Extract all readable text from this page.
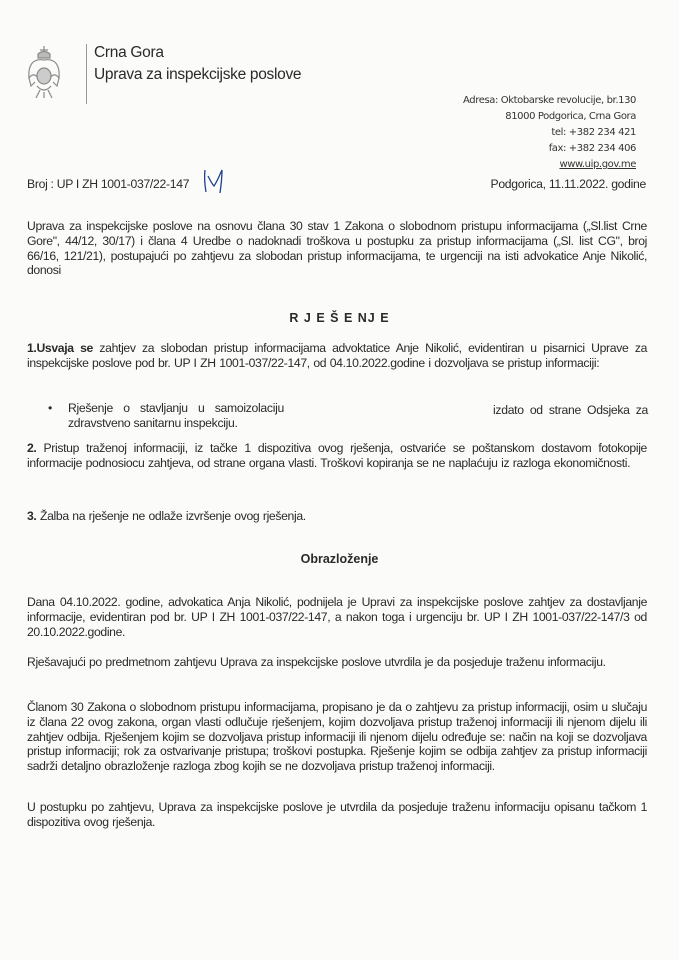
Crna Gora
Uprava za inspekcijske poslove
Adresa: Oktobarske revolucije, br.130
81000 Podgorica, Crna Gora
tel: +382 234 421
fax: +382 234 406
www.uip.gov.me
Broj : UP I ZH 1001-037/22-147	Podgorica, 11.11.2022. godine
Uprava za inspekcijske poslove na osnovu člana 30 stav 1 Zakona o slobodnom pristupu informacijama („Sl.list Crne Gore", 44/12, 30/17) i člana 4 Uredbe o nadoknadi troškova u postupku za pristup informacijama („Sl. list CG", broj 66/16, 121/21), postupajući po zahtjevu za slobodan pristup informacijama, te urgenciji na isti advokatice Anje Nikolić, donosi
R J E Š E NJ E
1.Usvaja se zahtjev za slobodan pristup informacijama advoktatice Anje Nikolić, evidentiran u pisarnici Uprave za inspekcijske poslove pod br. UP I ZH 1001-037/22-147, od 04.10.2022.godine i dozvoljava se pristup informaciji:
• Rješenje o stavljanju u samoizolaciju
zdravstveno sanitarnu inspekciju.
izdato od strane Odsjeka za
2. Pristup traženoj informaciji, iz tačke 1 dispozitiva ovog rješenja, ostvariće se poštanskom dostavom fotokopije informacije podnosiocu zahtjeva, od strane organa vlasti. Troškovi kopiranja se ne naplaćuju iz razloga ekonomičnosti.
3. Žalba na rješenje ne odlaže izvršenje ovog rješenja.
Obrazloženje
Dana 04.10.2022. godine, advokatica Anja Nikolić, podnijela je Upravi za inspekcijske poslove zahtjev za dostavljanje informacije, evidentiran pod br. UP I ZH 1001-037/22-147, a nakon toga i urgenciju br. UP I ZH 1001-037/22-147/3 od 20.10.2022.godine.
Rješavajući po predmetnom zahtjevu Uprava za inspekcijske poslove utvrdila je da posjeduje traženu informaciju.
Članom 30 Zakona o slobodnom pristupu informacijama, propisano je da o zahtjevu za pristup informaciji, osim u slučaju iz člana 22 ovog zakona, organ vlasti odlučuje rješenjem, kojim dozvoljava pristup traženoj informaciji ili njenom dijelu ili zahtjev odbija. Rješenjem kojim se dozvoljava pristup informaciji ili njenom dijelu određuje se: način na koji se dozvoljava pristup informaciji; rok za ostvarivanje pristupa; troškovi postupka. Rješenje kojim se odbija zahtjev za pristup informaciji sadrži detaljno obrazloženje razloga zbog kojih se ne dozvoljava pristup traženoj informaciji.
U postupku po zahtjevu, Uprava za inspekcijske poslove je utvrdila da posjeduje traženu informaciju opisanu tačkom 1 dispozitiva ovog rješenja.
